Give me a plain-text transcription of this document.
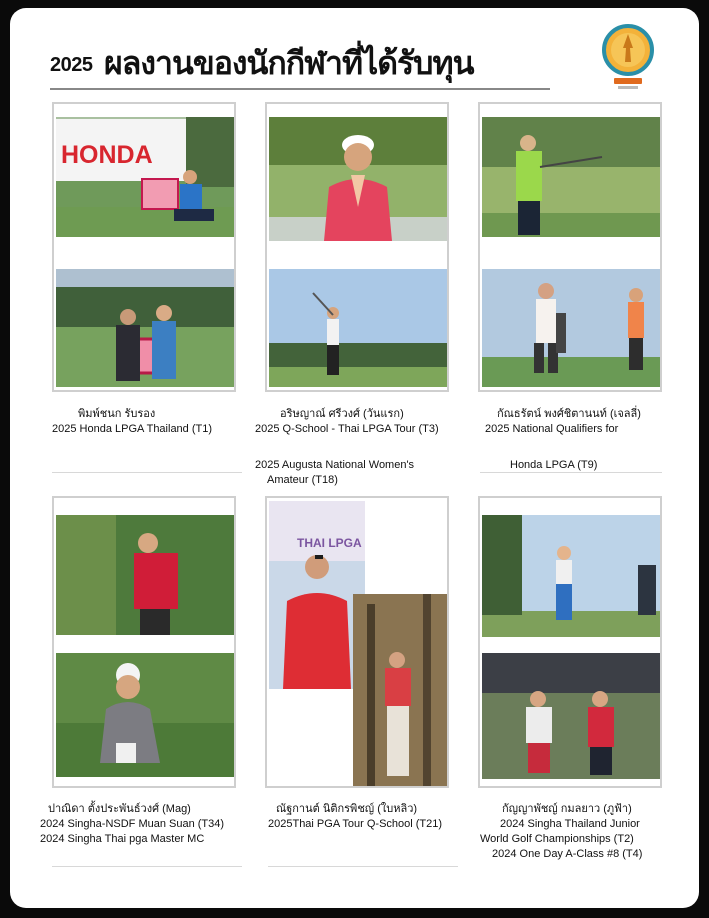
2025 ผลงานของนักกีฬาที่ได้รับทุน
HONDA
พิมพ์ชนก รับรอง
2025 Honda LPGA Thailand (T1)
อริษญาณ์ ศรีวงศ์ (วันแรก)
2025 Q-School - Thai LPGA Tour (T3)
กัณธรัตน์ พงศ์ชิตานนท์ (เจลลี่)
2025 National Qualifiers for
2025 Augusta National Women's
Amateur (T18)
Honda LPGA (T9)
THAI LPGA
ปาณิดา ตั้งประพันธ์วงศ์ (Mag)
2024 Singha-NSDF Muan Suan (T34)
2024 Singha Thai pga Master MC
ณัฐกานต์ นิติกรพิชญ์ (ใบหลิว)
2025Thai PGA Tour Q-School (T21)
กัญญาพัชญ์ กมลยาว (ภูฟ้า)
2024 Singha Thailand Junior
World Golf Championships (T2)
2024 One Day A-Class #8 (T4)
